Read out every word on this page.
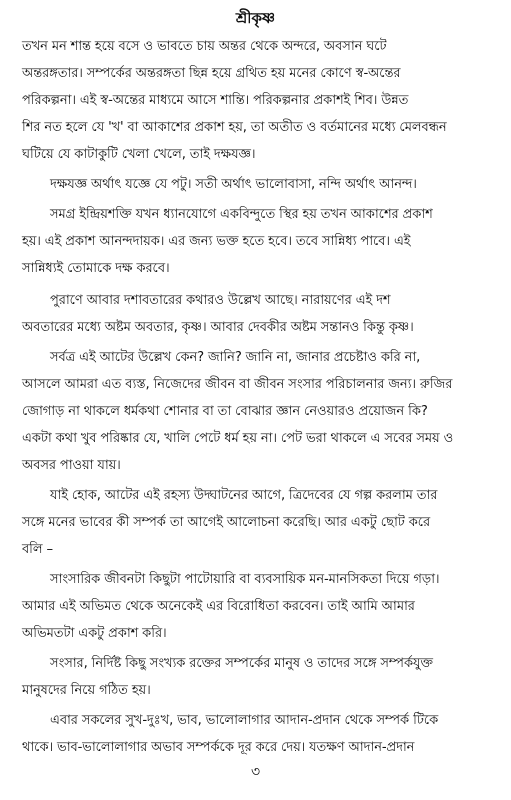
শ্রীকৃষ্ণ
তখন মন শান্ত হয়ে বসে ও ভাবতে চায় অন্তর থেকে অন্দরে, অবসান ঘটে
অন্তরঙ্গতার। সম্পর্কের অন্তরঙ্গতা ছিন্ন হয়ে গ্রথিত হয় মনের কোণে স্ব-অন্তের
পরিকল্পনা। এই স্ব-অন্তের মাধ্যমে আসে শান্তি। পরিকল্পনার প্রকাশই শিব। উন্নত
শির নত হলে যে 'খ' বা আকাশের প্রকাশ হয়, তা অতীত ও বর্তমানের মধ্যে মেলবন্ধন
ঘটিয়ে যে কাটাকুটি খেলা খেলে, তাই দক্ষযজ্ঞ।
দক্ষযজ্ঞ অর্থাৎ যজ্ঞে যে পটু। সতী অর্থাৎ ভালোবাসা, নন্দি অর্থাৎ আনন্দ।
সমগ্র ইন্দ্রিয়শক্তি যখন ধ্যানযোগে একবিন্দুতে স্থির হয় তখন আকাশের প্রকাশ
হয়। এই প্রকাশ আনন্দদায়ক। এর জন্য ভক্ত হতে হবে। তবে সান্নিধ্য পাবে। এই
সান্নিধ্যই তোমাকে দক্ষ করবে।
পুরাণে আবার দশাবতারের কথারও উল্লেখ আছে। নারায়ণের এই দশ
অবতারের মধ্যে অষ্টম অবতার, কৃষ্ণ। আবার দেবকীর অষ্টম সন্তানও কিন্তু কৃষ্ণ।
সর্বত্র এই আটের উল্লেখ কেন? জানি? জানি না, জানার প্রচেষ্টাও করি না,
আসলে আমরা এত ব্যস্ত, নিজেদের জীবন বা জীবন সংসার পরিচালনার জন্য। রুজির
জোগাড় না থাকলে ধর্মকথা শোনার বা তা বোঝার জ্ঞান নেওয়ারও প্রয়োজন কি?
একটা কথা খুব পরিষ্কার যে, খালি পেটে ধর্ম হয় না। পেট ভরা থাকলে এ সবের সময় ও
অবসর পাওয়া যায়।
যাই হোক, আটের এই রহস্য উদ্ঘাটনের আগে, ত্রিদেবের যে গল্প করলাম তার
সঙ্গে মনের ভাবের কী সম্পর্ক তা আগেই আলোচনা করেছি। আর একটু ছোট করে
বলি –
সাংসারিক জীবনটা কিছুটা পাটোয়ারি বা ব্যবসায়িক মন-মানসিকতা দিয়ে গড়া।
আমার এই অভিমত থেকে অনেকেই এর বিরোধিতা করবেন। তাই আমি আমার
অভিমতটা একটু প্রকাশ করি।
সংসার, নির্দিষ্ট কিছু সংখ্যক রক্তের সম্পর্কের মানুষ ও তাদের সঙ্গে সম্পর্কযুক্ত
মানুষদের নিয়ে গঠিত হয়।
এবার সকলের সুখ-দুঃখ, ভাব, ভালোলাগার আদান-প্রদান থেকে সম্পর্ক টিকে
থাকে। ভাব-ভালোলাগার অভাব সম্পর্ককে দূর করে দেয়। যতক্ষণ আদান-প্রদান
৩
